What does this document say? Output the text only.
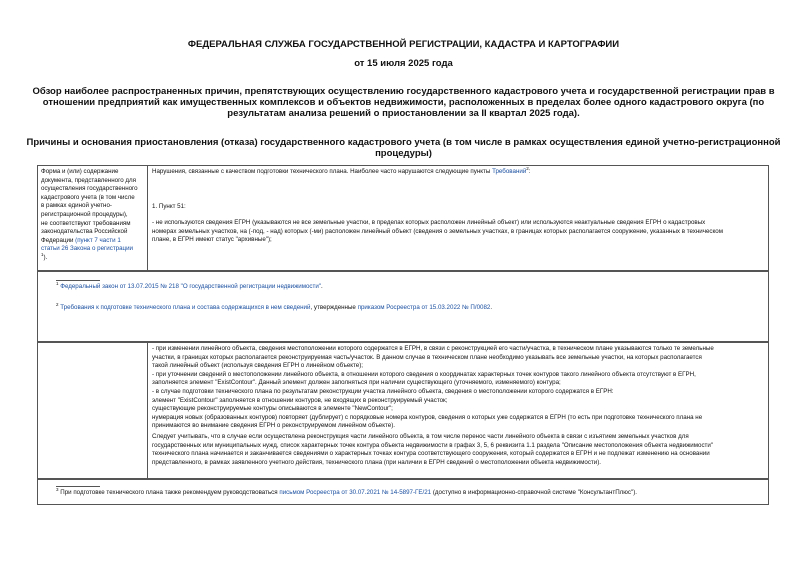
ФЕДЕРАЛЬНАЯ СЛУЖБА ГОСУДАРСТВЕННОЙ РЕГИСТРАЦИИ, КАДАСТРА И КАРТОГРАФИИ
от 15 июля 2025 года
Обзор наиболее распространенных причин, препятствующих осуществлению государственного кадастрового учета и государственной регистрации прав в
отношении предприятий как имущественных комплексов и объектов недвижимости, расположенных в пределах более одного кадастрового округа (по
результатам анализа решений о приостановлении за II квартал 2025 года).
Причины и основания приостановления (отказа) государственного кадастрового учета (в том числе в рамках осуществления единой учетно-регистрационной
процедуры)
Форма и (или) содержание
документа, представленного для
осуществления государственного
кадастрового учета (в том числе
в рамках единой учетно-
регистрационной процедуры),
не соответствуют требованиям
законодательства Российской
Федерации (пункт 7 части 1
статьи 26 Закона о регистрации
$^1$).
Нарушения, связанные с качеством подготовки технического плана. Наиболее часто нарушаются следующие пункты Требований$^2$:
1. Пункт 51:
- не используются сведения ЕГРН (указываются не все земельные участки, в пределах которых расположен линейный объект) или используются неактуальные сведения ЕГРН о кадастровых
номерах земельных участков, на (-под, - над) которых (-ми) расположен линейный объект (сведения о земельных участках, в границах которых располагается сооружение, указанных в техническом
плане, в ЕГРН имеют статус "архивные");
$^1$ Федеральный закон от 13.07.2015 № 218 "О государственной регистрации недвижимости".
$^2$ Требования к подготовке технического плана и состава содержащихся в нем сведений, утвержденные приказом Росреестра от 15.03.2022 № П/0082.
- при изменении линейного объекта, сведения местоположении которого содержатся в ЕГРН, в связи с реконструкцией его части/участка, в техническом плане указываются только те земельные
участки, в границах которых располагается реконструируемая часть/участок. В данном случае в техническом плане необходимо указывать все земельные участки, на которых располагается
такой линейный объект (используя сведения ЕГРН о линейном объекте);
- при уточнении сведений о местоположении линейного объекта, в отношении которого сведения о координатах характерных точек контуров такого линейного объекта отсутствуют в ЕГРН,
заполняется элемент "ExistContour". Данный элемент должен заполняться при наличии существующего (уточняемого, изменяемого) контура;
- в случае подготовки технического плана по результатам реконструкции участка линейного объекта, сведения о местоположении которого содержатся в ЕГРН:
элемент "ExistContour" заполняется в отношении контуров, не входящих в реконструируемый участок;
существующие реконструируемые контуры описываются в элементе "NewContour";
нумерация новых (образованных контуров) повторяет (дублирует) с порядковые номера контуров, сведения о которых уже содержатся в ЕГРН (то есть при подготовке технического плана не
принимаются во внимание сведения ЕГРН о реконструируемом линейном объекте).
Следует учитывать, что в случае если осуществлена реконструкция части линейного объекта, в том числе перенос части линейного объекта в связи с изъятием земельных участков для
государственных или муниципальных нужд, список характерных точек контура объекта недвижимости в графах 3, 5, 6 реквизита 1.1 раздела "Описание местоположения объекта недвижимости"
технического плана начинается и заканчивается сведениями о характерных точках контура соответствующего сооружения, который содержатся в ЕГРН и не подлежат изменению на основании
представленного, в рамках заявленного учетного действия, технического плана (при наличии в ЕГРН сведений о местоположении объекта недвижимости).
$^3$ При подготовке технического плана также рекомендуем руководствоваться письмом Росреестра от 30.07.2021 № 14-5897-ГЕ/21 (доступно в информационно-справочной системе "КонсультантПлюс").
